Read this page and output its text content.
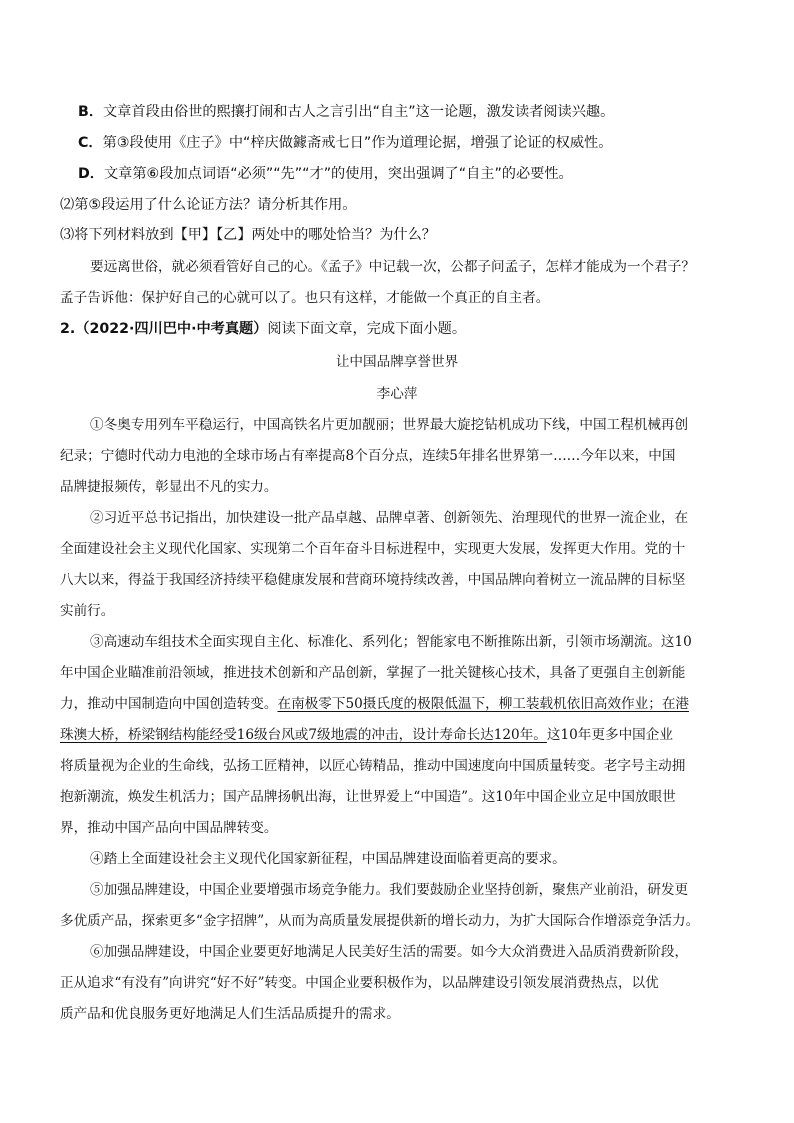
B．文章首段由俗世的熙攘打闹和古人之言引出“自主”这一论题，激发读者阅读兴趣。
C．第③段使用《庄子》中“梓庆做鐻斋戒七日”作为道理论据，增强了论证的权威性。
D．文章第⑥段加点词语“必须”“先”“才”的使用，突出强调了“自主”的必要性。
⑵第⑤段运用了什么论证方法？请分析其作用。
⑶将下列材料放到【甲】【乙】两处中的哪处恰当？为什么？
要远离世俗，就必须看管好自己的心。《孟子》中记载一次，公都子问孟子，怎样才能成为一个君子？
孟子告诉他：保护好自己的心就可以了。也只有这样，才能做一个真正的自主者。
2.（2022·四川巴中·中考真题）阅读下面文章，完成下面小题。
让中国品牌享誉世界
李心萍
①冬奥专用列车平稳运行，中国高铁名片更加靓丽；世界最大旋挖钻机成功下线，中国工程机械再创
纪录；宁德时代动力电池的全球市场占有率提高8个百分点，连续5年排名世界第一……今年以来，中国
品牌捷报频传，彰显出不凡的实力。
②习近平总书记指出，加快建设一批产品卓越、品牌卓著、创新领先、治理现代的世界一流企业，在
全面建设社会主义现代化国家、实现第二个百年奋斗目标进程中，实现更大发展，发挥更大作用。党的十
八大以来，得益于我国经济持续平稳健康发展和营商环境持续改善，中国品牌向着树立一流品牌的目标坚
实前行。
③高速动车组技术全面实现自主化、标准化、系列化；智能家电不断推陈出新，引领市场潮流。这10
年中国企业瞄准前沿领域，推进技术创新和产品创新，掌握了一批关键核心技术，具备了更强自主创新能
力，推动中国制造向中国创造转变。在南极零下50摄氏度的极限低温下，柳工装载机依旧高效作业；在港
珠澳大桥，桥梁钢结构能经受16级台风或7级地震的冲击，设计寿命长达120年。这10年更多中国企业
将质量视为企业的生命线，弘扬工匠精神，以匠心铸精品，推动中国速度向中国质量转变。老字号主动拥
抱新潮流，焕发生机活力；国产品牌扬帆出海，让世界爱上“中国造”。这10年中国企业立足中国放眼世
界，推动中国产品向中国品牌转变。
④踏上全面建设社会主义现代化国家新征程，中国品牌建设面临着更高的要求。
⑤加强品牌建设，中国企业要增强市场竞争能力。我们要鼓励企业坚持创新，聚焦产业前沿，研发更
多优质产品，探索更多“金字招牌”，从而为高质量发展提供新的增长动力，为扩大国际合作增添竞争活力。
⑥加强品牌建设，中国企业要更好地满足人民美好生活的需要。如今大众消费进入品质消费新阶段，
正从追求“有没有”向讲究“好不好”转变。中国企业要积极作为，以品牌建设引领发展消费热点，以优
质产品和优良服务更好地满足人们生活品质提升的需求。
